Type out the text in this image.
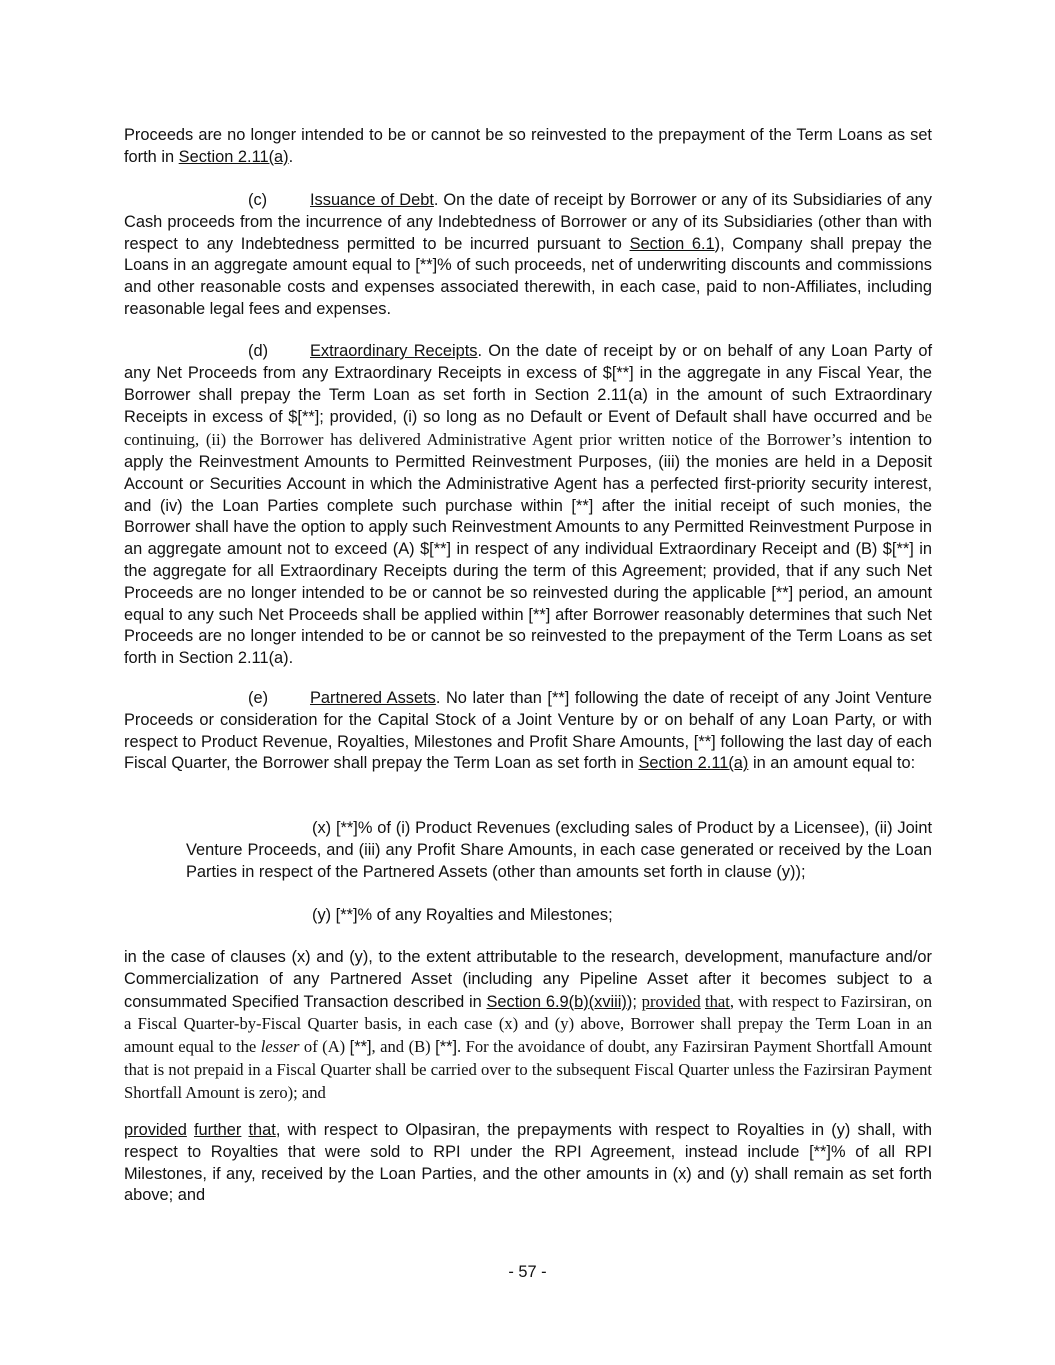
Proceeds are no longer intended to be or cannot be so reinvested to the prepayment of the Term Loans as set forth in Section 2.11(a).

(c)	Issuance of Debt. On the date of receipt by Borrower or any of its Subsidiaries of any Cash proceeds from the incurrence of any Indebtedness of Borrower or any of its Subsidiaries (other than with respect to any Indebtedness permitted to be incurred pursuant to Section 6.1), Company shall prepay the Loans in an aggregate amount equal to [**]% of such proceeds, net of underwriting discounts and commissions and other reasonable costs and expenses associated therewith, in each case, paid to non-Affiliates, including reasonable legal fees and expenses.

(d)	Extraordinary Receipts. On the date of receipt by or on behalf of any Loan Party of any Net Proceeds from any Extraordinary Receipts in excess of $[**] in the aggregate in any Fiscal Year, the Borrower shall prepay the Term Loan as set forth in Section 2.11(a) in the amount of such Extraordinary Receipts in excess of $[**]; provided, (i) so long as no Default or Event of Default shall have occurred and be continuing, (ii) the Borrower has delivered Administrative Agent prior written notice of the Borrower’s intention to apply the Reinvestment Amounts to Permitted Reinvestment Purposes, (iii) the monies are held in a Deposit Account or Securities Account in which the Administrative Agent has a perfected first-priority security interest, and (iv) the Loan Parties complete such purchase within [**] after the initial receipt of such monies, the Borrower shall have the option to apply such Reinvestment Amounts to any Permitted Reinvestment Purpose in an aggregate amount not to exceed (A) $[**] in respect of any individual Extraordinary Receipt and (B) $[**] in the aggregate for all Extraordinary Receipts during the term of this Agreement; provided, that if any such Net Proceeds are no longer intended to be or cannot be so reinvested during the applicable [**] period, an amount equal to any such Net Proceeds shall be applied within [**] after Borrower reasonably determines that such Net Proceeds are no longer intended to be or cannot be so reinvested to the prepayment of the Term Loans as set forth in Section 2.11(a).

(e)	Partnered Assets. No later than [**] following the date of receipt of any Joint Venture Proceeds or consideration for the Capital Stock of a Joint Venture by or on behalf of any Loan Party, or with respect to Product Revenue, Royalties, Milestones and Profit Share Amounts, [**] following the last day of each Fiscal Quarter, the Borrower shall prepay the Term Loan as set forth in Section 2.11(a) in an amount equal to:

(x) [**]% of (i) Product Revenues (excluding sales of Product by a Licensee), (ii) Joint Venture Proceeds, and (iii) any Profit Share Amounts, in each case generated or received by the Loan Parties in respect of the Partnered Assets (other than amounts set forth in clause (y));

(y) [**]% of any Royalties and Milestones;

in the case of clauses (x) and (y), to the extent attributable to the research, development, manufacture and/or Commercialization of any Partnered Asset (including any Pipeline Asset after it becomes subject to a consummated Specified Transaction described in Section 6.9(b)(xviii)); provided that, with respect to Fazirsiran, on a Fiscal Quarter-by-Fiscal Quarter basis, in each case (x) and (y) above, Borrower shall prepay the Term Loan in an amount equal to the lesser of (A) [**], and (B) [**]. For the avoidance of doubt, any Fazirsiran Payment Shortfall Amount that is not prepaid in a Fiscal Quarter shall be carried over to the subsequent Fiscal Quarter unless the Fazirsiran Payment Shortfall Amount is zero); and

provided further that, with respect to Olpasiran, the prepayments with respect to Royalties in (y) shall, with respect to Royalties that were sold to RPI under the RPI Agreement, instead include [**]% of all RPI Milestones, if any, received by the Loan Parties, and the other amounts in (x) and (y) shall remain as set forth above; and

- 57 -
